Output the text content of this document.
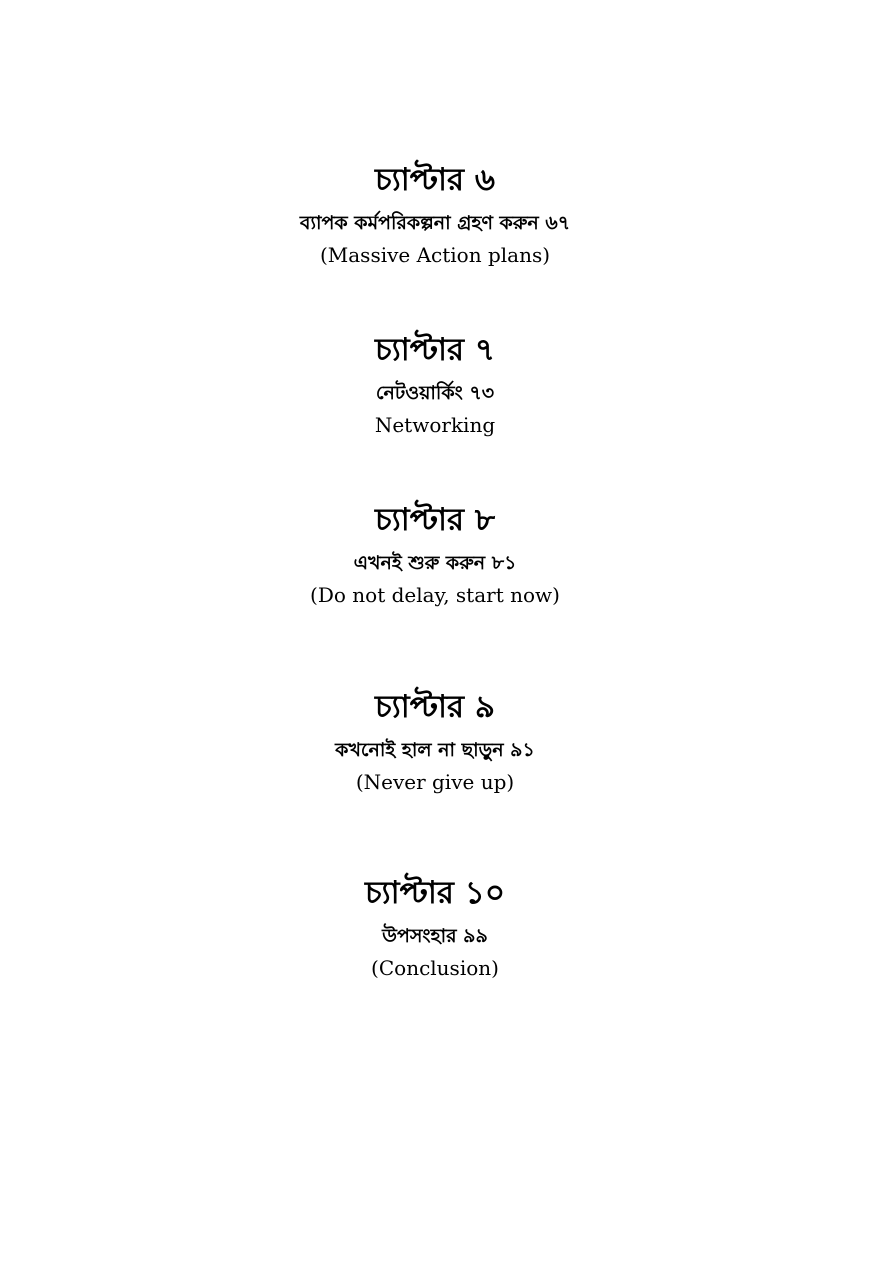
চ্যাপ্টার ৬
ব্যাপক কর্মপরিকল্পনা গ্রহণ করুন ৬৭
(Massive Action plans)
চ্যাপ্টার ৭
নেটওয়ার্কিং ৭৩
Networking
চ্যাপ্টার ৮
এখনই শুরু করুন ৮১
(Do not delay, start now)
চ্যাপ্টার ৯
কখনোই হাল না ছাড়ুন ৯১
(Never give up)
চ্যাপ্টার ১০
উপসংহার ৯৯
(Conclusion)
